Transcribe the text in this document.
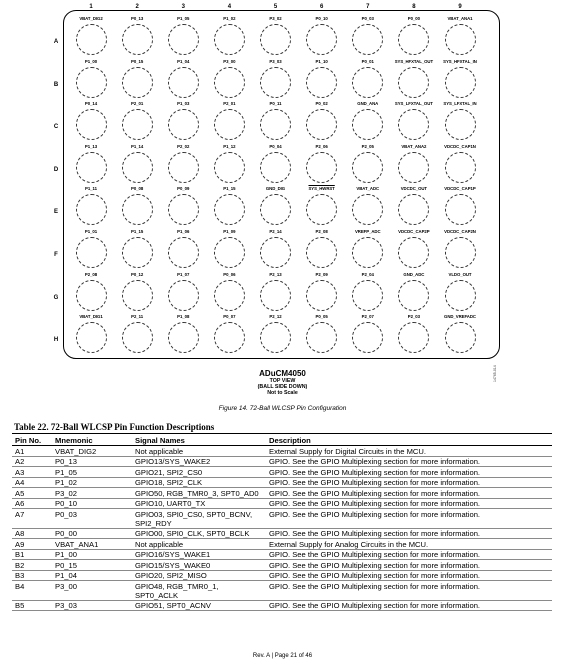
ADuCM4050
TOP VIEW
(BALL SIDE DOWN)
Not to Scale
14765-014
1	2	3	4	5	6	7	8	9
A
VBAT_DIG2	P0_13	P1_05	P1_02	P3_02	P0_10	P0_03	P0_00	VBAT_ANA1
B
P1_00	P0_15	P1_04	P3_00	P3_03	P1_10	P0_01	SYS_HFXTAL_OUT	SYS_HFXTAL_IN
C
P0_14	P2_01	P1_03	P2_01	P0_11	P0_02	GND_ANA	SYS_LFXTAL_OUT	SYS_LFXTAL_IN
D
P1_13	P1_14	P2_02	P1_12	P0_04	P2_06	P2_05	VBAT_ANA2	VDCDC_CAP1N
E
P1_11	P0_08	P0_09	P1_15	GND_DIG	SYS_HWRST	VBAT_ADC	VDCDC_OUT	VDCDC_CAP1P
F
P1_01	P1_15	P1_06	P1_09	P2_14	P2_08	VREFP_ADC	VDCDC_CAP2P	VDCDC_CAP2N
G
P2_08	P0_12	P1_07	P0_06	P2_13	P2_09	P2_04	GND_ADC	VLDO_OUT
H
VBAT_DIG1	P2_11	P1_08	P0_07	P2_12	P0_05	P2_07	P2_03	GND_VREFADC
Figure 14. 72-Ball WLCSP Pin Configuration
Table 22. 72-Ball WLCSP Pin Function Descriptions
Pin No.	Mnemonic	Signal Names	Description
A1	VBAT_DIG2	Not applicable	External Supply for Digital Circuits in the MCU.
A2	P0_13	GPIO13/SYS_WAKE2	GPIO. See the GPIO Multiplexing section for more information.
A3	P1_05	GPIO21, SPI2_CS0	GPIO. See the GPIO Multiplexing section for more information.
A4	P1_02	GPIO18, SPI2_CLK	GPIO. See the GPIO Multiplexing section for more information.
A5	P3_02	GPIO50, RGB_TMR0_3, SPT0_AD0	GPIO. See the GPIO Multiplexing section for more information.
A6	P0_10	GPIO10, UART0_TX	GPIO. See the GPIO Multiplexing section for more information.
A7	P0_03	GPIO03, SPI0_CS0, SPT0_BCNV, SPI2_RDY	GPIO. See the GPIO Multiplexing section for more information.
A8	P0_00	GPIO00, SPI0_CLK, SPT0_BCLK	GPIO. See the GPIO Multiplexing section for more information.
A9	VBAT_ANA1	Not applicable	External Supply for Analog Circuits in the MCU.
B1	P1_00	GPIO16/SYS_WAKE1	GPIO. See the GPIO Multiplexing section for more information.
B2	P0_15	GPIO15/SYS_WAKE0	GPIO. See the GPIO Multiplexing section for more information.
B3	P1_04	GPIO20, SPI2_MISO	GPIO. See the GPIO Multiplexing section for more information.
B4	P3_00	GPIO48, RGB_TMR0_1, SPT0_ACLK	GPIO. See the GPIO Multiplexing section for more information.
B5	P3_03	GPIO51, SPT0_ACNV	GPIO. See the GPIO Multiplexing section for more information.
Rev. A | Page 21 of 46
